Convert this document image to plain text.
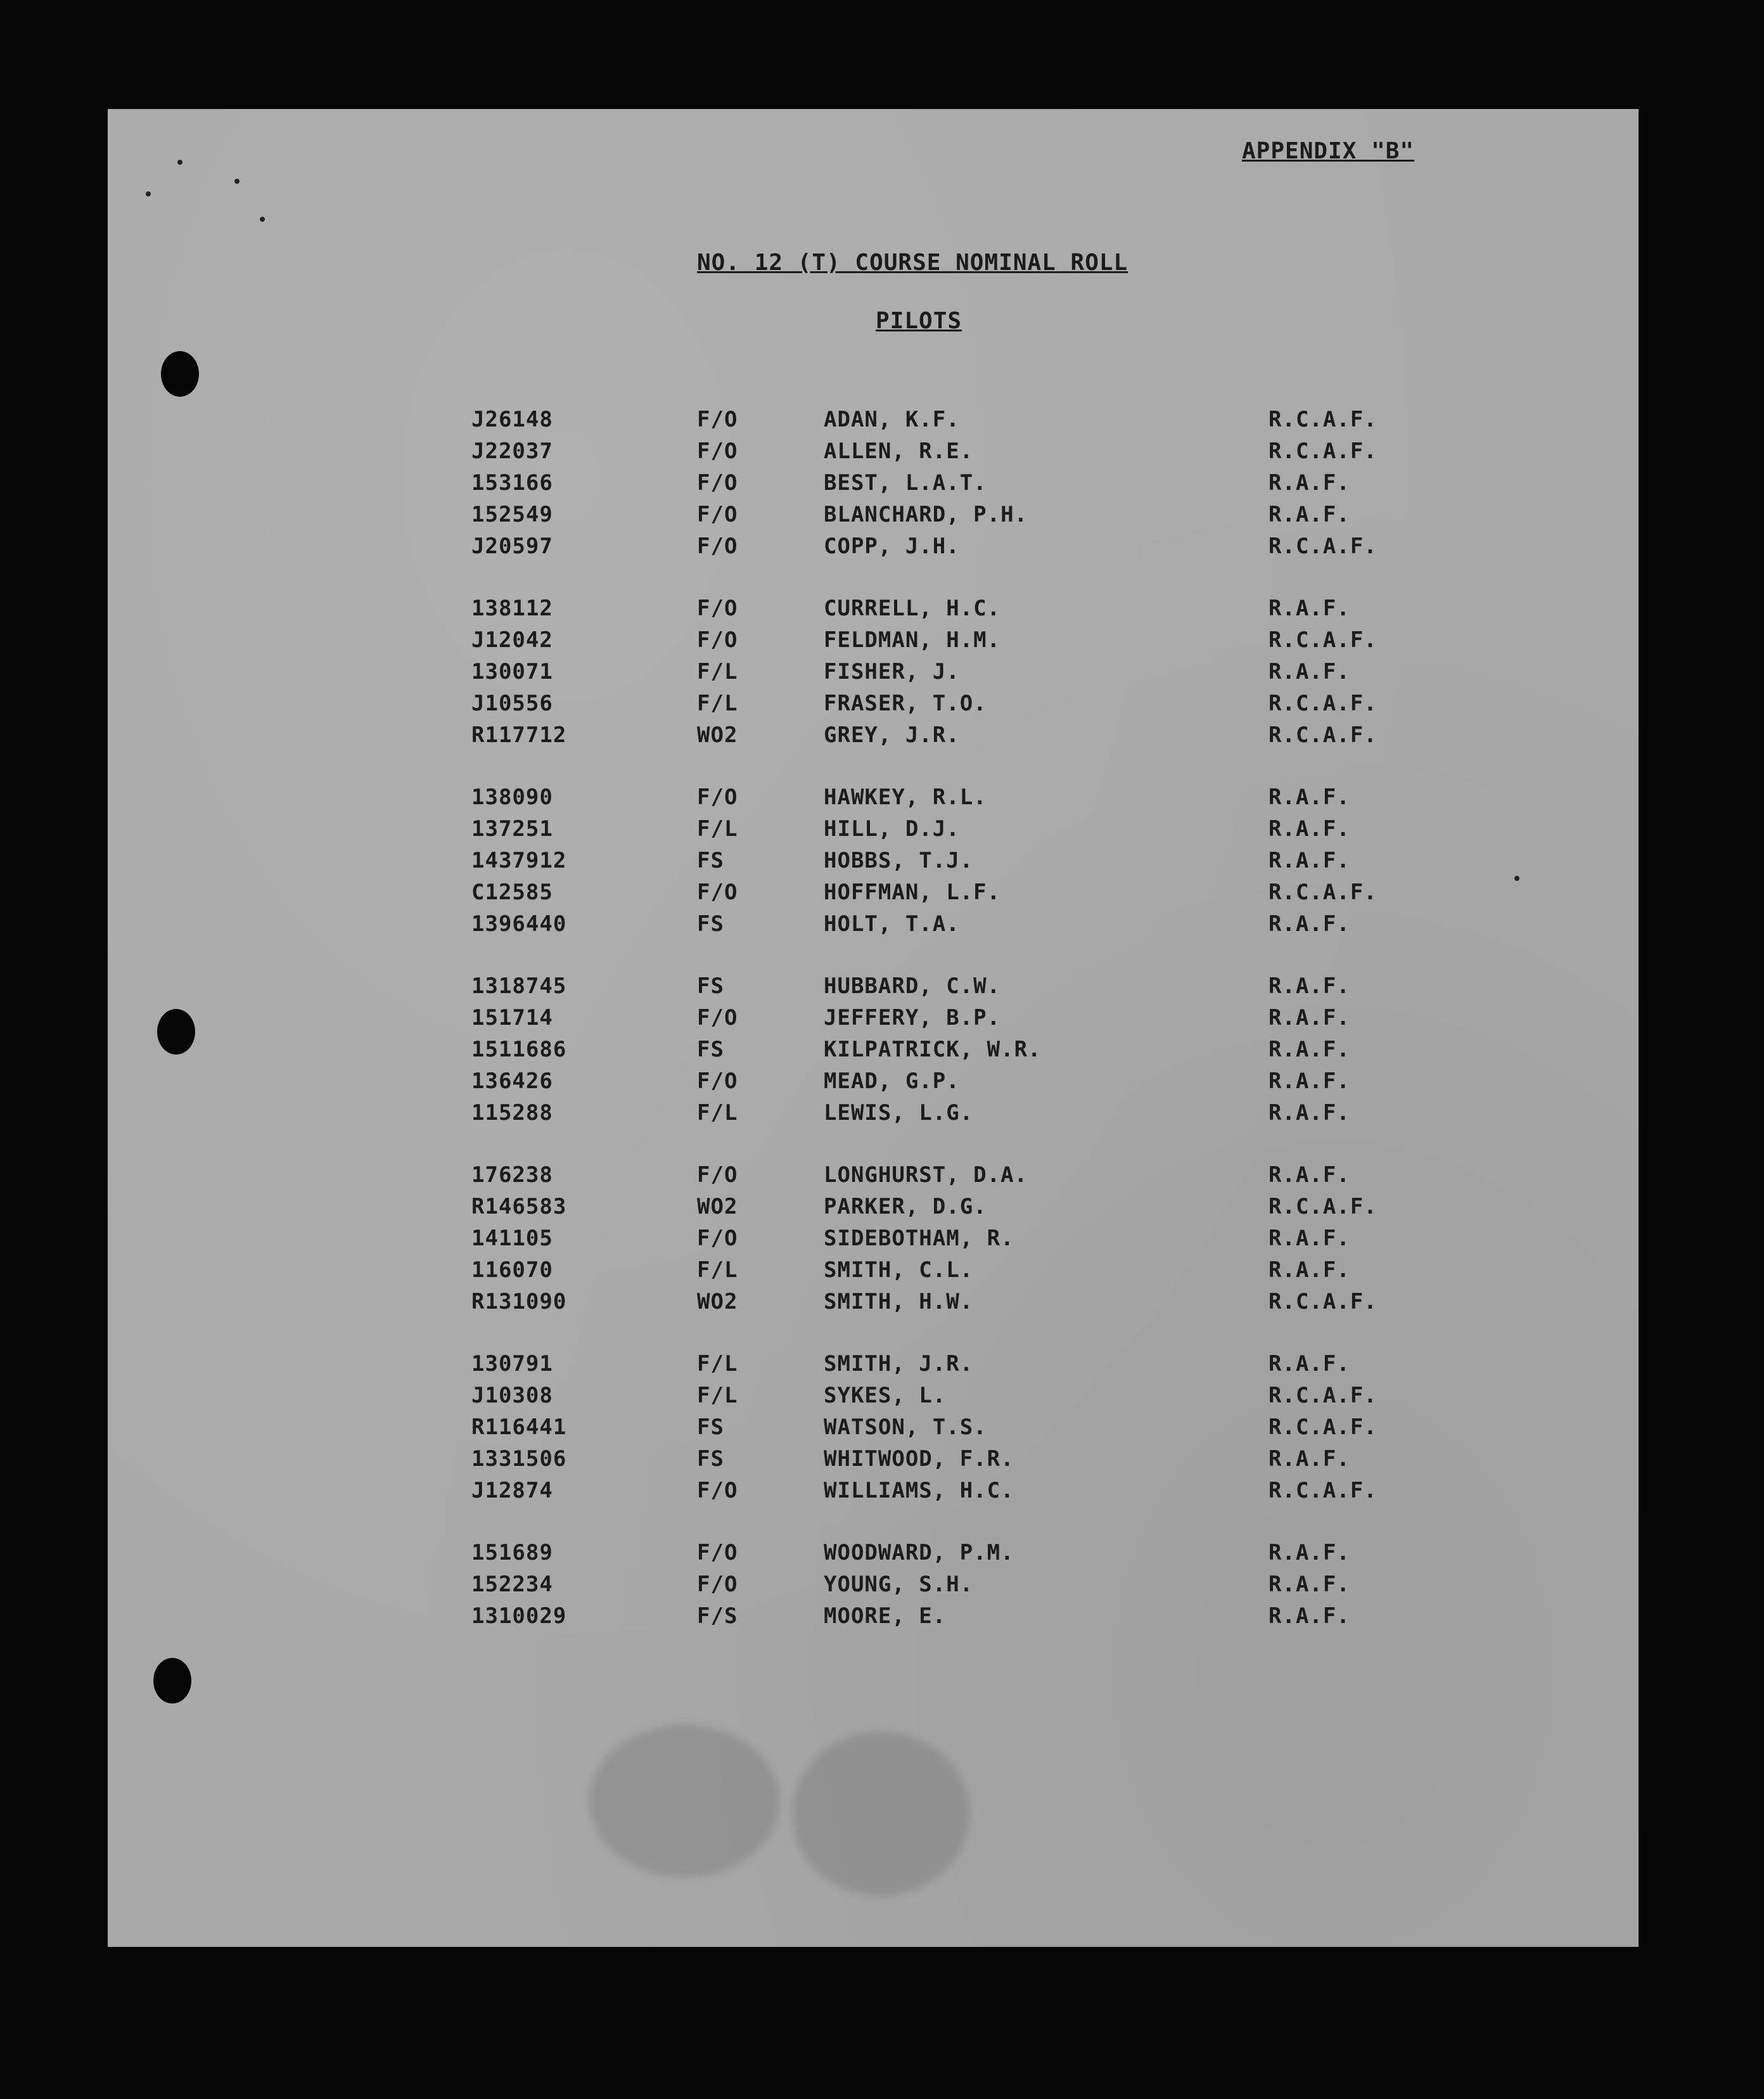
APPENDIX "B"
NO. 12 (T) COURSE NOMINAL ROLL
PILOTS
J26148	F/O	ADAN, K.F.	R.C.A.F.
J22037	F/O	ALLEN, R.E.	R.C.A.F.
153166	F/O	BEST, L.A.T.	R.A.F.
152549	F/O	BLANCHARD, P.H.	R.A.F.
J20597	F/O	COPP, J.H.	R.C.A.F.
138112	F/O	CURRELL, H.C.	R.A.F.
J12042	F/O	FELDMAN, H.M.	R.C.A.F.
130071	F/L	FISHER, J.	R.A.F.
J10556	F/L	FRASER, T.O.	R.C.A.F.
R117712	WO2	GREY, J.R.	R.C.A.F.
138090	F/O	HAWKEY, R.L.	R.A.F.
137251	F/L	HILL, D.J.	R.A.F.
1437912	FS	HOBBS, T.J.	R.A.F.
C12585	F/O	HOFFMAN, L.F.	R.C.A.F.
1396440	FS	HOLT, T.A.	R.A.F.
1318745	FS	HUBBARD, C.W.	R.A.F.
151714	F/O	JEFFERY, B.P.	R.A.F.
1511686	FS	KILPATRICK, W.R.	R.A.F.
136426	F/O	MEAD, G.P.	R.A.F.
115288	F/L	LEWIS, L.G.	R.A.F.
176238	F/O	LONGHURST, D.A.	R.A.F.
R146583	WO2	PARKER, D.G.	R.C.A.F.
141105	F/O	SIDEBOTHAM, R.	R.A.F.
116070	F/L	SMITH, C.L.	R.A.F.
R131090	WO2	SMITH, H.W.	R.C.A.F.
130791	F/L	SMITH, J.R.	R.A.F.
J10308	F/L	SYKES, L.	R.C.A.F.
R116441	FS	WATSON, T.S.	R.C.A.F.
1331506	FS	WHITWOOD, F.R.	R.A.F.
J12874	F/O	WILLIAMS, H.C.	R.C.A.F.
151689	F/O	WOODWARD, P.M.	R.A.F.
152234	F/O	YOUNG, S.H.	R.A.F.
1310029	F/S	MOORE, E.	R.A.F.
